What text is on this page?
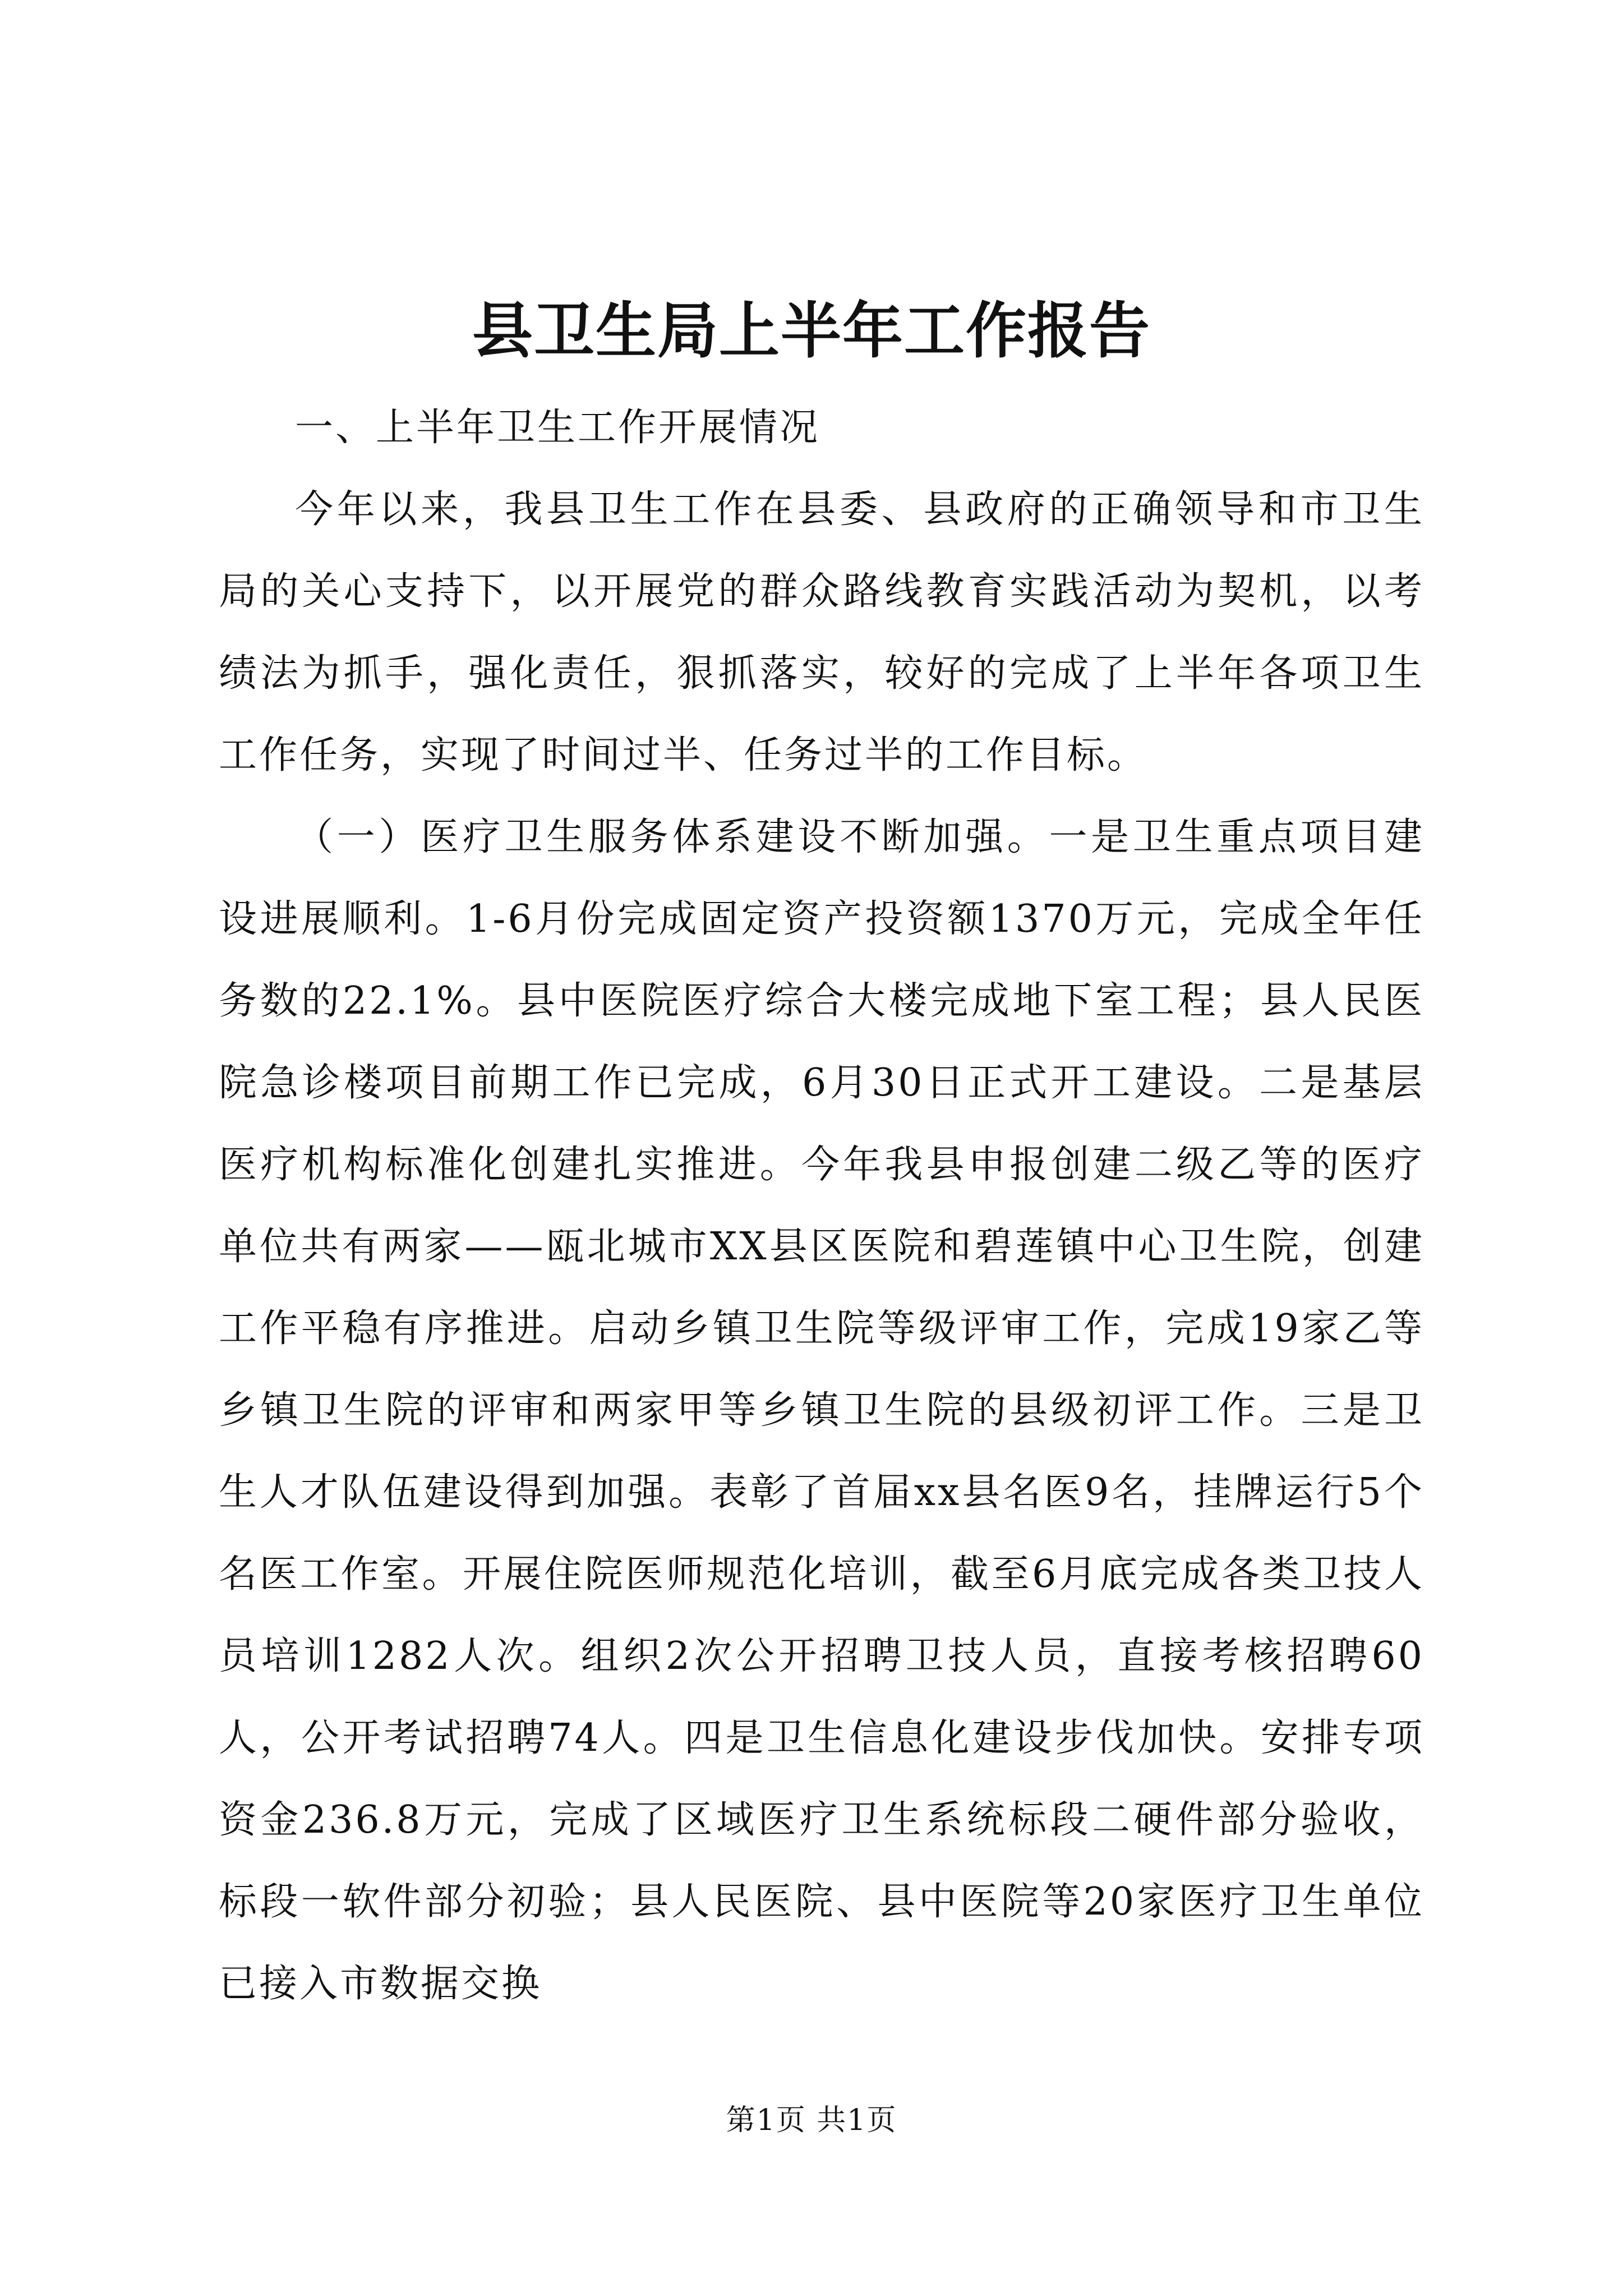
县卫生局上半年工作报告

一、上半年卫生工作开展情况

今年以来，我县卫生工作在县委、县政府的正确领导和市卫生局的关心支持下，以开展党的群众路线教育实践活动为契机，以考绩法为抓手，强化责任，狠抓落实，较好的完成了上半年各项卫生工作任务，实现了时间过半、任务过半的工作目标。

（一）医疗卫生服务体系建设不断加强。一是卫生重点项目建设进展顺利。1-6月份完成固定资产投资额1370万元，完成全年任务数的22.1%。县中医院医疗综合大楼完成地下室工程；县人民医院急诊楼项目前期工作已完成，6月30日正式开工建设。二是基层医疗机构标准化创建扎实推进。今年我县申报创建二级乙等的医疗单位共有两家——瓯北城市XX县区医院和碧莲镇中心卫生院，创建工作平稳有序推进。启动乡镇卫生院等级评审工作，完成19家乙等乡镇卫生院的评审和两家甲等乡镇卫生院的县级初评工作。三是卫生人才队伍建设得到加强。表彰了首届xx县名医9名，挂牌运行5个名医工作室。开展住院医师规范化培训，截至6月底完成各类卫技人员培训1282人次。组织2次公开招聘卫技人员，直接考核招聘60人，公开考试招聘74人。四是卫生信息化建设步伐加快。安排专项资金236.8万元，完成了区域医疗卫生系统标段二硬件部分验收，标段一软件部分初验；县人民医院、县中医院等20家医疗卫生单位已接入市数据交换

第1页 共1页
